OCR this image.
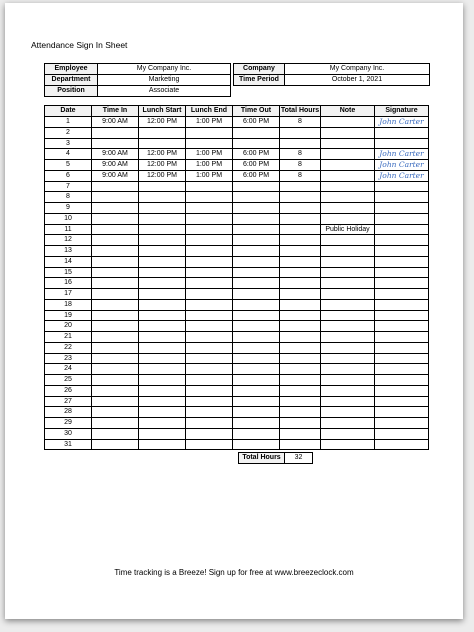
Attendance Sign In Sheet
Employee	My Company Inc.
Department	Marketing
Position	Associate
Company	My Company Inc.
Time Period	October 1, 2021
Date	Time In	Lunch Start	Lunch End	Time Out	Total Hours	Note	Signature
1	9:00 AM	12:00 PM	1:00 PM	6:00 PM	8		John Carter
2							
3							
4	9:00 AM	12:00 PM	1:00 PM	6:00 PM	8		John Carter
5	9:00 AM	12:00 PM	1:00 PM	6:00 PM	8		John Carter
6	9:00 AM	12:00 PM	1:00 PM	6:00 PM	8		John Carter
7							
8							
9							
10							
11						Public Holiday	
12							
13							
14							
15							
16							
17							
18							
19							
20							
21							
22							
23							
24							
25							
26							
27							
28							
29							
30							
31							
Total Hours	32
Time tracking is a Breeze! Sign up for free at www.breezeclock.com
